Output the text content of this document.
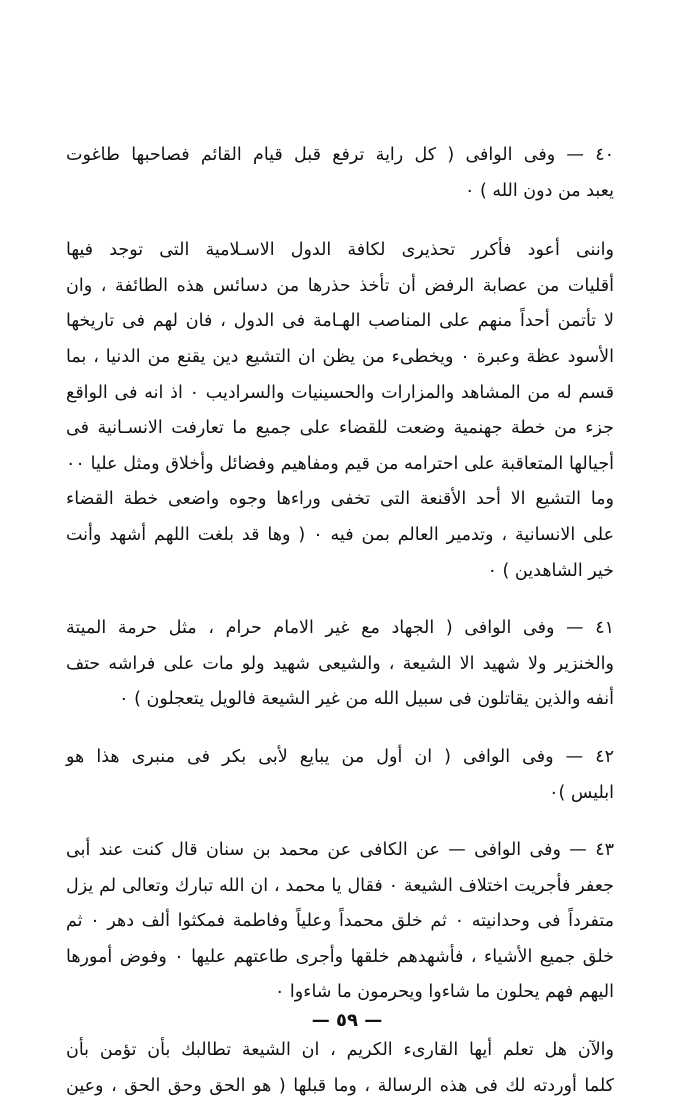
٤٠ — وفى الوافى ( كل راية ترفع قبل قيام القائم فصاحبها طاغوت
يعبد من دون الله ) ٠
واننى أعود فأكرر تحذيرى لكافة الدول الاسـلامية التى توجد فيها
أقليات من عصابة الرفض أن تأخذ حذرها من دسائس هذه الطائفة ، وان
لا تأتمن أحداً منهم على المناصب الهـامة فى الدول ، فان لهم فى تاريخها
الأسود عظة وعبرة ٠ ويخطىء من يظن ان التشيع دين يقنع من الدنيا ، بما
قسم له من المشاهد والمزارات والحسينيات والسراديب ٠ اذ انه فى الواقع
جزء من خطة جهنمية وضعت للقضاء على جميع ما تعارفت الانسـانية فى
أجيالها المتعاقبة على احترامه من قيم ومفاهيم وفضائل وأخلاق ومثل عليا ٠٠
وما التشيع الا أحد الأقنعة التى تخفى وراءها وجوه واضعى خطة القضاء
على الانسانية ، وتدمير العالم بمن فيه ٠ ( وها قد بلغت اللهم أشهد وأنت
خير الشاهدين ) ٠
٤١ — وفى الوافى ( الجهاد مع غير الامام حرام ، مثل حرمة الميتة
والخنزير ولا شهيد الا الشيعة ، والشيعى شهيد ولو مات على فراشه حتف
أنفه والذين يقاتلون فى سبيل الله من غير الشيعة فالويل يتعجلون ) ٠
٤٢ — وفى الوافى ( ان أول من يبايع لأبى بكر فى منبرى هذا هو
ابليس )٠
٤٣ — وفى الوافى — عن الكافى عن محمد بن سنان قال كنت عند أبى
جعفر فأجريت اختلاف الشيعة ٠ فقال يا محمد ، ان الله تبارك وتعالى لم يزل
متفرداً فى وحدانيته ٠ ثم خلق محمداً وعلياً وفاطمة فمكثوا ألف دهر ٠ ثم
خلق جميع الأشياء ، فأشهدهم خلقها وأجرى طاعتهم عليها ٠ وفوض أمورها
اليهم فهم يحلون ما شاءوا ويحرمون ما شاءوا ٠
والآن هل تعلم أيها القارىء الكريم ، ان الشيعة تطالبك بأن تؤمن بأن
كلما أوردته لك فى هذه الرسالة ، وما قبلها ( هو الحق وحق الحق ، وعين
— ٥٩ —
